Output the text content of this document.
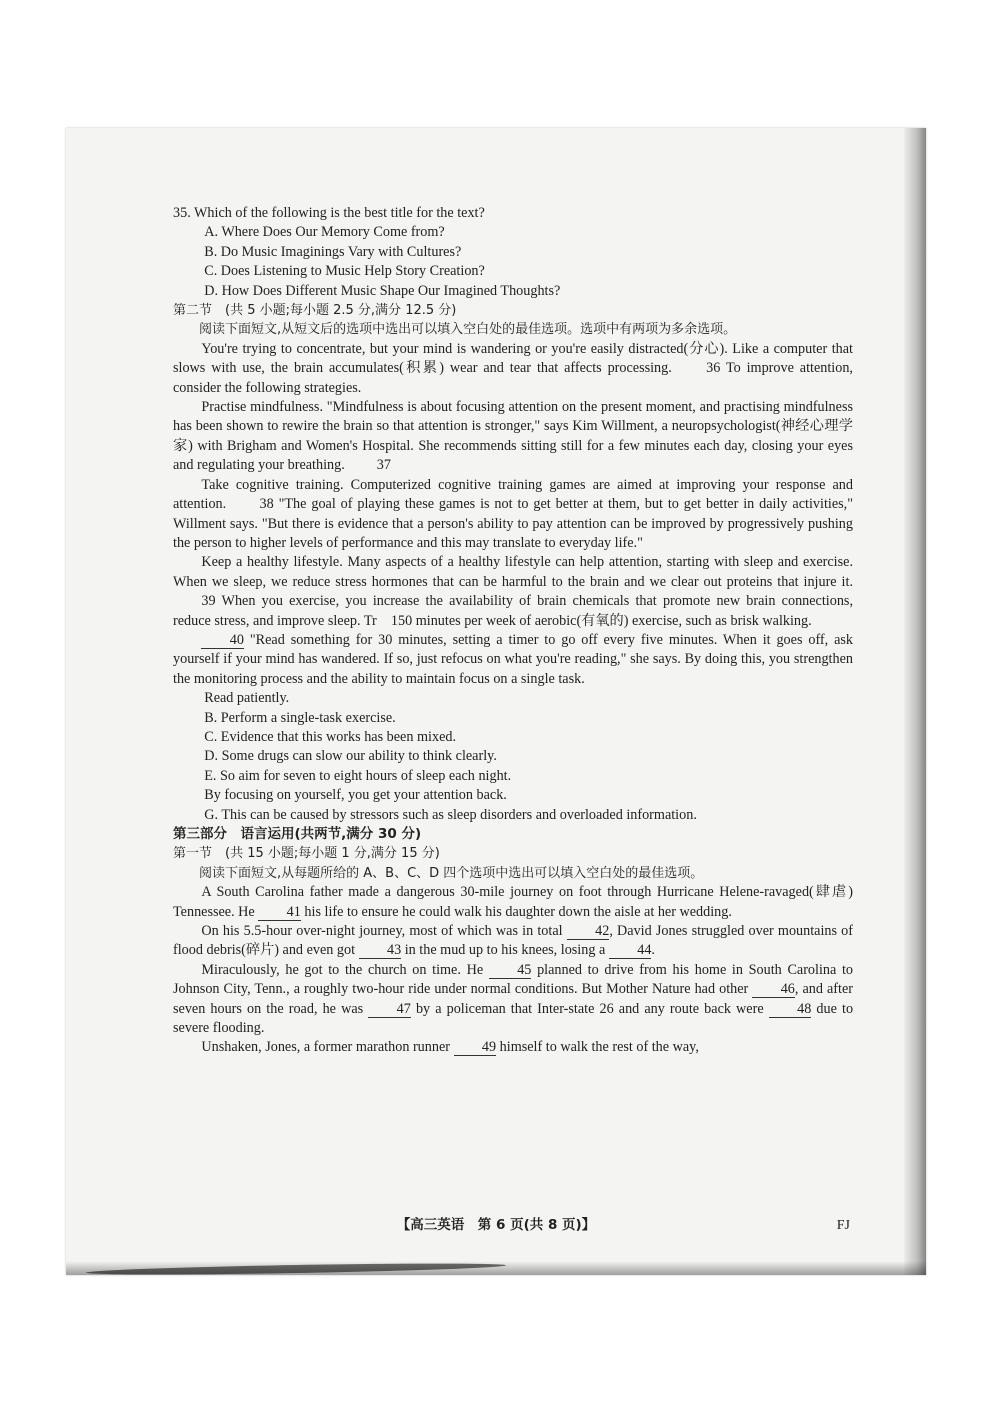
35. Which of the following is the best title for the text?

A. Where Does Our Memory Come from?

B. Do Music Imaginings Vary with Cultures?

C. Does Listening to Music Help Story Creation?

D. How Does Different Music Shape Our Imagined Thoughts?

第二节　(共 5 小题;每小题 2.5 分,满分 12.5 分)

阅读下面短文,从短文后的选项中选出可以填入空白处的最佳选项。选项中有两项为多余选项。

You're trying to concentrate, but your mind is wandering or you're easily distracted(分心). Like a computer that slows with use, the brain accumulates(积累) wear and tear that affects processing. 36 To improve attention, consider the following strategies.

Practise mindfulness. "Mindfulness is about focusing attention on the present moment, and practising mindfulness has been shown to rewire the brain so that attention is stronger," says Kim Willment, a neuropsychologist(神经心理学家) with Brigham and Women's Hospital. She recommends sitting still for a few minutes each day, closing your eyes and regulating your breathing. 37

Take cognitive training. Computerized cognitive training games are aimed at improving your response and attention. 38 "The goal of playing these games is not to get better at them, but to get better in daily activities," Willment says. "But there is evidence that a person's ability to pay attention can be improved by progressively pushing the person to higher levels of performance and this may translate to everyday life."

Keep a healthy lifestyle. Many aspects of a healthy lifestyle can help attention, starting with sleep and exercise. When we sleep, we reduce stress hormones that can be harmful to the brain and we clear out proteins that injure it. 39 When you exercise, you increase the availability of brain chemicals that promote new brain connections, reduce stress, and improve sleep. Tr　150 minutes per week of aerobic(有氧的) exercise, such as brisk walking.

40 "Read something for 30 minutes, setting a timer to go off every five minutes. When it goes off, ask yourself if your mind has wandered. If so, just refocus on what you're reading," she says. By doing this, you strengthen the monitoring process and the ability to maintain focus on a single task.

Read patiently.

B. Perform a single-task exercise.

C. Evidence that this works has been mixed.

D. Some drugs can slow our ability to think clearly.

E. So aim for seven to eight hours of sleep each night.

By focusing on yourself, you get your attention back.

G. This can be caused by stressors such as sleep disorders and overloaded information.

第三部分　语言运用(共两节,满分 30 分)

第一节　(共 15 小题;每小题 1 分,满分 15 分)

阅读下面短文,从每题所给的 A、B、C、D 四个选项中选出可以填入空白处的最佳选项。

A South Carolina father made a dangerous 30-mile journey on foot through Hurricane Helene-ravaged(肆虐) Tennessee. He 41 his life to ensure he could walk his daughter down the aisle at her wedding.

On his 5.5-hour over-night journey, most of which was in total 42, David Jones struggled over mountains of flood debris(碎片) and even got 43 in the mud up to his knees, losing a 44.

Miraculously, he got to the church on time. He 45 planned to drive from his home in South Carolina to Johnson City, Tenn., a roughly two-hour ride under normal conditions. But Mother Nature had other 46, and after seven hours on the road, he was 47 by a policeman that Inter-state 26 and any route back were 48 due to severe flooding.

Unshaken, Jones, a former marathon runner 49 himself to walk the rest of the way,

【高三英语　第 6 页(共 8 页)】	FJ
